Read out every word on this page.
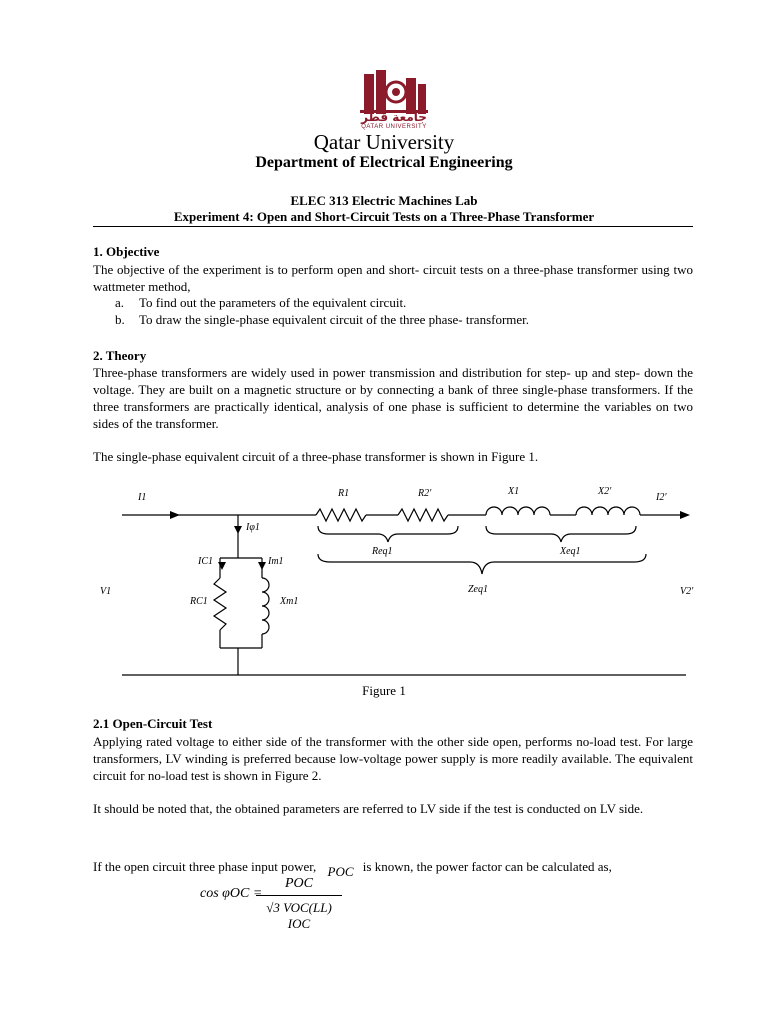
جامعة قطر
QATAR UNIVERSITY
Qatar University
Department of Electrical Engineering
ELEC 313 Electric Machines Lab
Experiment 4: Open and Short-Circuit Tests on a Three-Phase Transformer
1. Objective
The objective of the experiment is to perform open and short- circuit tests on a three-phase transformer using two wattmeter method,
a.	To find out the parameters of the equivalent circuit.
b.	To draw the single-phase equivalent circuit of the three phase- transformer.
2. Theory
Three-phase transformers are widely used in power transmission and distribution for step- up and step- down the voltage. They are built on a magnetic structure or by connecting a bank of three single-phase transformers. If the three transformers are practically identical, analysis of one phase is sufficient to determine the variables on two sides of the transformer.
The single-phase equivalent circuit of a three-phase transformer is shown in Figure 1.
I1
Iφ1
IC1	Im1
RC1	Xm1
V1
R1	R2'	X1	X2'
I2'
Req1	Xeq1
Zeq1	V2'
Figure 1
2.1 Open-Circuit Test
Applying rated voltage to either side of the transformer with the other side open, performs no-load test. For large transformers, LV winding is preferred because low-voltage power supply is more readily available. The equivalent circuit for no-load test is shown in Figure 2.
It should be noted that, the obtained parameters are referred to LV side if the test is conducted on LV side.
If the open circuit three phase input power, POC is known, the power factor can be calculated as,
cos φOC =
POC
√3 VOC(LL) IOC
